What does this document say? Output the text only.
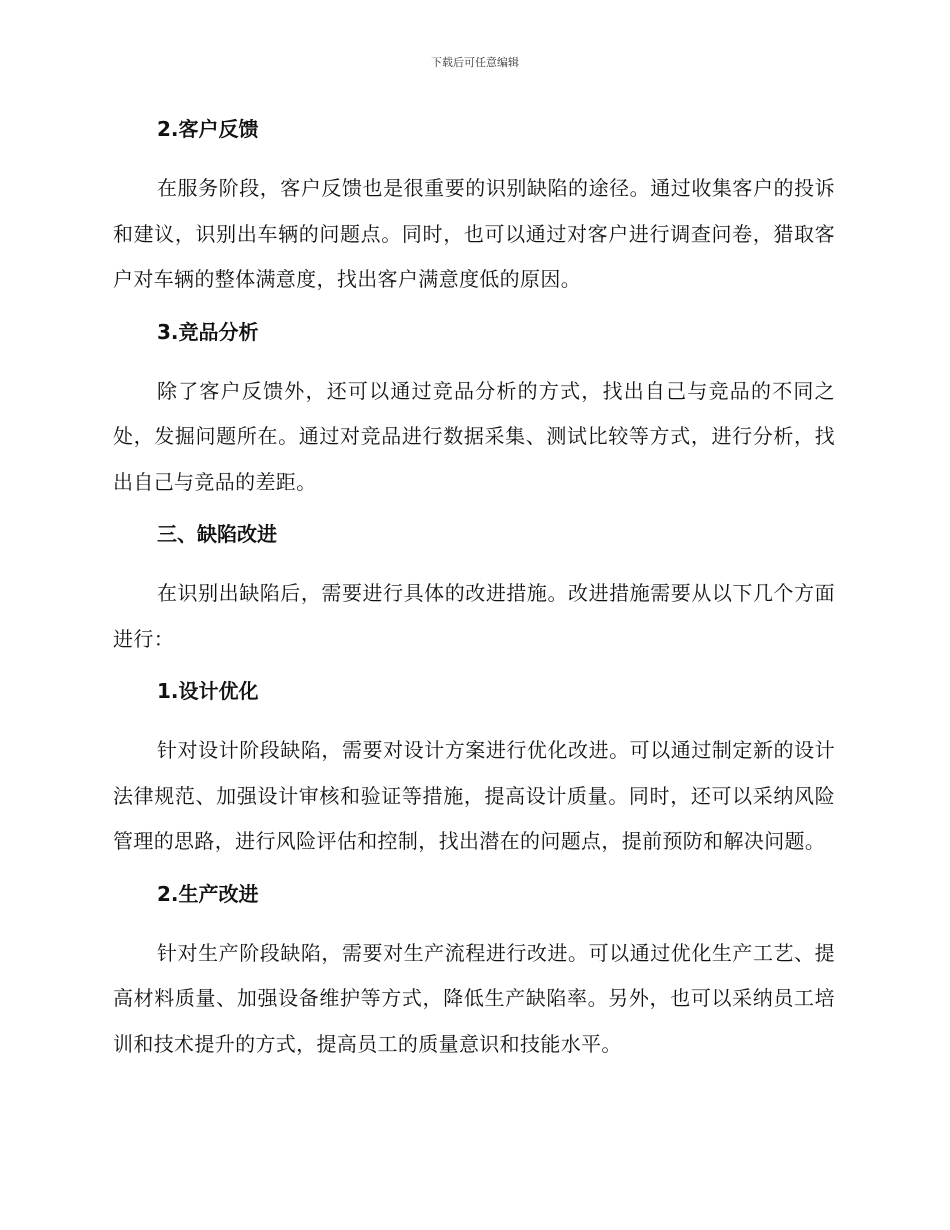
下载后可任意编辑
2.客户反馈

在服务阶段，客户反馈也是很重要的识别缺陷的途径。通过收集客户的投诉和建议，识别出车辆的问题点。同时，也可以通过对客户进行调查问卷，猎取客户对车辆的整体满意度，找出客户满意度低的原因。

3.竞品分析

除了客户反馈外，还可以通过竞品分析的方式，找出自己与竞品的不同之处，发掘问题所在。通过对竞品进行数据采集、测试比较等方式，进行分析，找出自己与竞品的差距。

三、缺陷改进

在识别出缺陷后，需要进行具体的改进措施。改进措施需要从以下几个方面进行：

1.设计优化

针对设计阶段缺陷，需要对设计方案进行优化改进。可以通过制定新的设计法律规范、加强设计审核和验证等措施，提高设计质量。同时，还可以采纳风险管理的思路，进行风险评估和控制，找出潜在的问题点，提前预防和解决问题。

2.生产改进

针对生产阶段缺陷，需要对生产流程进行改进。可以通过优化生产工艺、提高材料质量、加强设备维护等方式，降低生产缺陷率。另外，也可以采纳员工培训和技术提升的方式，提高员工的质量意识和技能水平。
